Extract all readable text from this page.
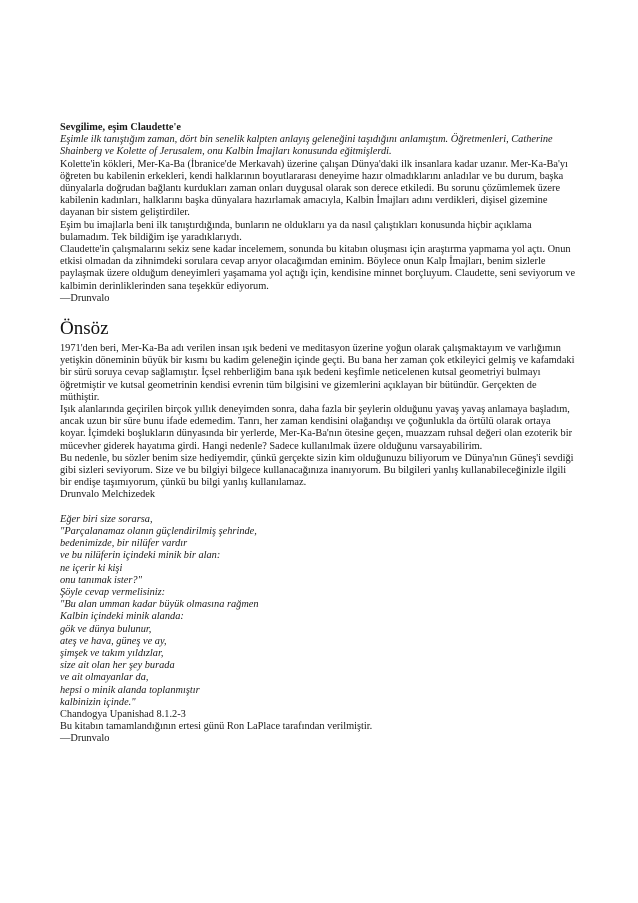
Sevgilime, eşim Claudette'e

Eşimle ilk tanıştığım zaman, dört bin senelik kalpten anlayış geleneğini taşıdığını anlamıştım. Öğretmenleri, Catherine Shainberg ve Kolette of Jerusalem, onu Kalbin İmajları konusunda eğitmişlerdi.

Kolette'in kökleri, Mer-Ka-Ba (İbranice'de Merkavah) üzerine çalışan Dünya'daki ilk insanlara kadar uzanır. Mer-Ka-Ba'yı öğreten bu kabilenin erkekleri, kendi halklarının boyutlararası deneyime hazır olmadıklarını anladılar ve bu durum, başka dünyalarla doğrudan bağlantı kurdukları zaman onları duygusal olarak son derece etkiledi. Bu sorunu çözümlemek üzere kabilenin kadınları, halklarını başka dünyalara hazırlamak amacıyla, Kalbin İmajları adını verdikleri, dişisel gizemine dayanan bir sistem geliştirdiler.

Eşim bu imajlarla beni ilk tanıştırdığında, bunların ne olduklarıı ya da nasıl çalıştıkları konusunda hiçbir açıklama bulamadım. Tek bildiğim işe yaradıklarıydı.

Claudette'in çalışmalarını sekiz sene kadar incelemem, sonunda bu kitabın oluşması için araştırma yapmama yol açtı. Onun etkisi olmadan da zihnimdeki sorulara cevap arıyor olacağımdan eminim. Böylece onun Kalp İmajları, benim sizlerle paylaşmak üzere olduğum deneyimleri yaşamama yol açtığı için, kendisine minnet borçluyum. Claudette, seni seviyorum ve kalbimin derinliklerinden sana teşekkür ediyorum.

—Drunvalo

Önsöz

1971'den beri, Mer-Ka-Ba adı verilen insan ışık bedeni ve meditasyon üzerine yoğun olarak çalışmaktayım ve varlığımın yetişkin döneminin büyük bir kısmı bu kadim geleneğin içinde geçti. Bu bana her zaman çok etkileyici gelmiş ve kafamdaki bir sürü soruya cevap sağlamıştır. İçsel rehberliğim bana ışık bedeni keşfimle neticelenen kutsal geometriyi bulmayı öğretmiştir ve kutsal geometrinin kendisi evrenin tüm bilgisini ve gizemlerini açıklayan bir bütündür. Gerçekten de müthiştir.

Işık alanlarında geçirilen birçok yıllık deneyimden sonra, daha fazla bir şeylerin olduğunu yavaş yavaş anlamaya başladım, ancak uzun bir süre bunu ifade edemedim. Tanrı, her zaman kendisini olağandışı ve çoğunlukla da örtülü olarak ortaya koyar. İçimdeki boşlukların dünyasında bir yerlerde, Mer-Ka-Ba'nın ötesine geçen, muazzam ruhsal değeri olan ezoterik bir mücevher giderek hayatıma girdi. Hangi nedenle? Sadece kullanılmak üzere olduğunu varsayabilirim.

Bu nedenle, bu sözler benim size hediyemdir, çünkü gerçekte sizin kim olduğunuzu biliyorum ve Dünya'nın Güneş'i sevdiği gibi sizleri seviyorum. Size ve bu bilgiyi bilgece kullanacağınıza inanıyorum. Bu bilgileri yanlış kullanabileceğinizle ilgili bir endişe taşımıyorum, çünkü bu bilgi yanlış kullanılamaz.

Drunvalo Melchizedek

Eğer biri size sorarsa,

"Parçalanamaz olanın güçlendirilmiş şehrinde,

bedenimizde, bir nilüfer vardır

ve bu nilüferin içindeki minik bir alan:

ne içerir ki kişi

onu tanımak ister?"

Şöyle cevap vermelisiniz:

"Bu alan umman kadar büyük olmasına rağmen

Kalbin içindeki minik alanda:

gök ve dünya bulunur,

ateş ve hava, güneş ve ay,

şimşek ve takım yıldızlar,

size ait olan her şey burada

ve ait olmayanlar da,

hepsi o minik alanda toplanmıştır

kalbinizin içinde."

Chandogya Upanishad 8.1.2-3

Bu kitabın tamamlandığının ertesi günü Ron LaPlace tarafından verilmiştir.

—Drunvalo
